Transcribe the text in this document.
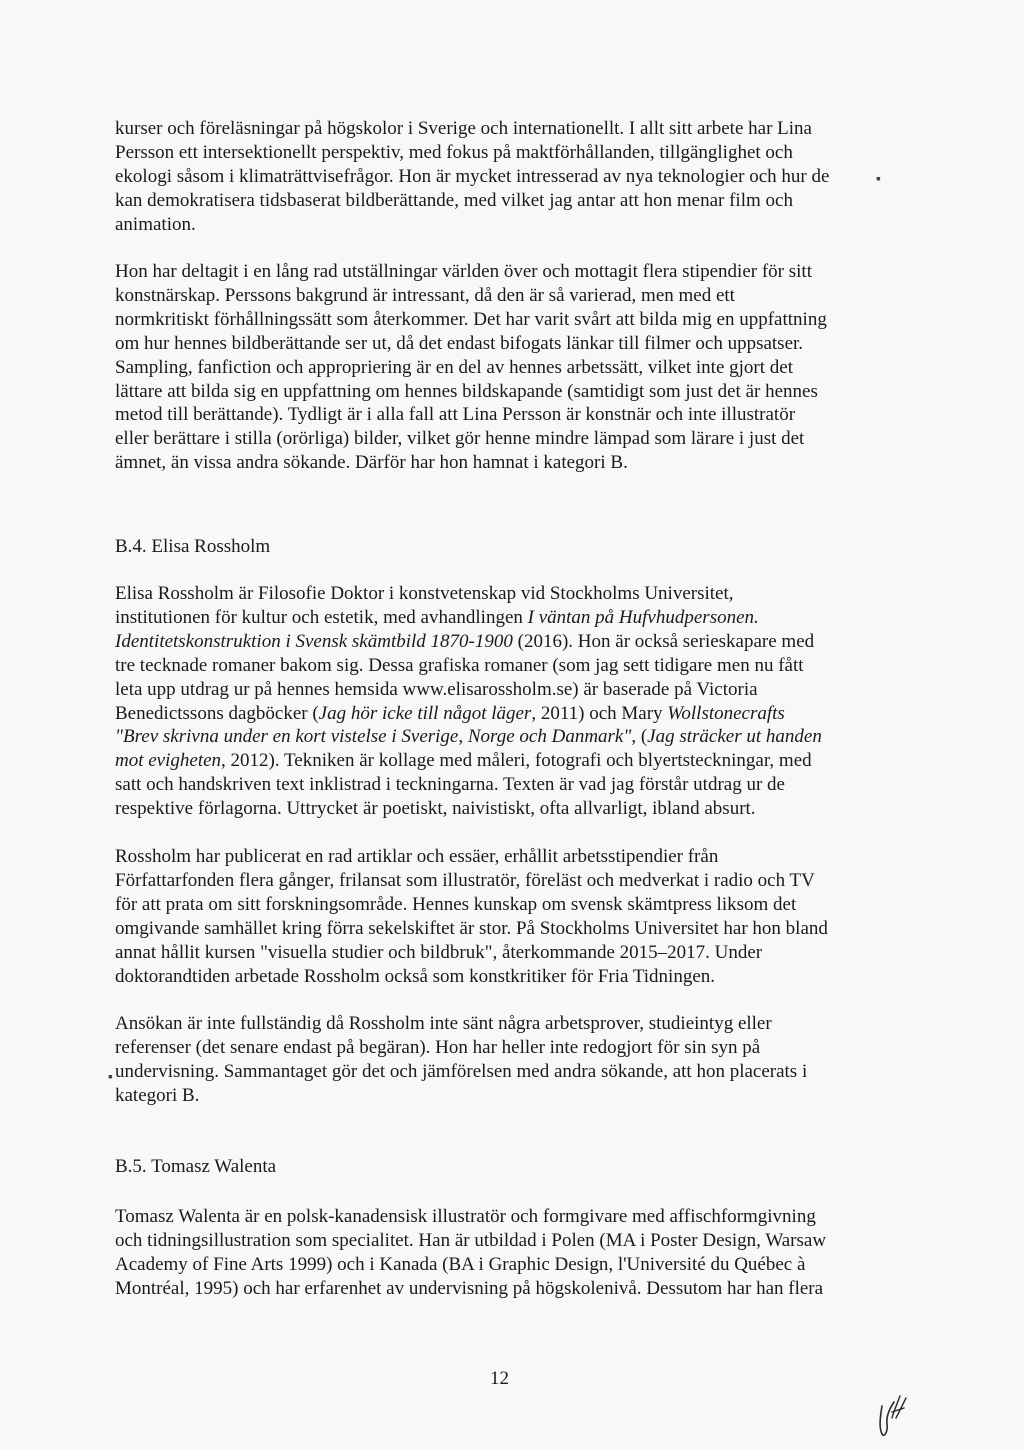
kurser och föreläsningar på högskolor i Sverige och internationellt. I allt sitt arbete har Lina
Persson ett intersektionellt perspektiv, med fokus på maktförhållanden, tillgänglighet och
ekologi såsom i klimaträttvisefrågor. Hon är mycket intresserad av nya teknologier och hur de
kan demokratisera tidsbaserat bildberättande, med vilket jag antar att hon menar film och
animation.

Hon har deltagit i en lång rad utställningar världen över och mottagit flera stipendier för sitt
konstnärskap. Perssons bakgrund är intressant, då den är så varierad, men med ett
normkritiskt förhållningssätt som återkommer. Det har varit svårt att bilda mig en uppfattning
om hur hennes bildberättande ser ut, då det endast bifogats länkar till filmer och uppsatser.
Sampling, fanfiction och appropriering är en del av hennes arbetssätt, vilket inte gjort det
lättare att bilda sig en uppfattning om hennes bildskapande (samtidigt som just det är hennes
metod till berättande). Tydligt är i alla fall att Lina Persson är konstnär och inte illustratör
eller berättare i stilla (orörliga) bilder, vilket gör henne mindre lämpad som lärare i just det
ämnet, än vissa andra sökande. Därför har hon hamnat i kategori B.

B.4. Elisa Rossholm

Elisa Rossholm är Filosofie Doktor i konstvetenskap vid Stockholms Universitet,
institutionen för kultur och estetik, med avhandlingen I väntan på Hufvhudpersonen.
Identitetskonstruktion i Svensk skämtbild 1870-1900 (2016). Hon är också serieskapare med
tre tecknade romaner bakom sig. Dessa grafiska romaner (som jag sett tidigare men nu fått
leta upp utdrag ur på hennes hemsida www.elisarossholm.se) är baserade på Victoria
Benedictssons dagböcker (Jag hör icke till något läger, 2011) och Mary Wollstonecrafts
"Brev skrivna under en kort vistelse i Sverige, Norge och Danmark", (Jag sträcker ut handen
mot evigheten, 2012). Tekniken är kollage med måleri, fotografi och blyertsteckningar, med
satt och handskriven text inklistrad i teckningarna. Texten är vad jag förstår utdrag ur de
respektive förlagorna. Uttrycket är poetiskt, naivistiskt, ofta allvarligt, ibland absurt.

Rossholm har publicerat en rad artiklar och essäer, erhållit arbetsstipendier från
Författarfonden flera gånger, frilansat som illustratör, föreläst och medverkat i radio och TV
för att prata om sitt forskningsområde. Hennes kunskap om svensk skämtpress liksom det
omgivande samhället kring förra sekelskiftet är stor. På Stockholms Universitet har hon bland
annat hållit kursen "visuella studier och bildbruk", återkommande 2015–2017. Under
doktorandtiden arbetade Rossholm också som konstkritiker för Fria Tidningen.

Ansökan är inte fullständig då Rossholm inte sänt några arbetsprover, studieintyg eller
referenser (det senare endast på begäran). Hon har heller inte redogjort för sin syn på
undervisning. Sammantaget gör det och jämförelsen med andra sökande, att hon placerats i
kategori B.

B.5. Tomasz Walenta

Tomasz Walenta är en polsk-kanadensisk illustratör och formgivare med affischformgivning
och tidningsillustration som specialitet. Han är utbildad i Polen (MA i Poster Design, Warsaw
Academy of Fine Arts 1999) och i Kanada (BA i Graphic Design, l'Université du Québec à
Montréal, 1995) och har erfarenhet av undervisning på högskolenivå. Dessutom har han flera

12
▪
▪
